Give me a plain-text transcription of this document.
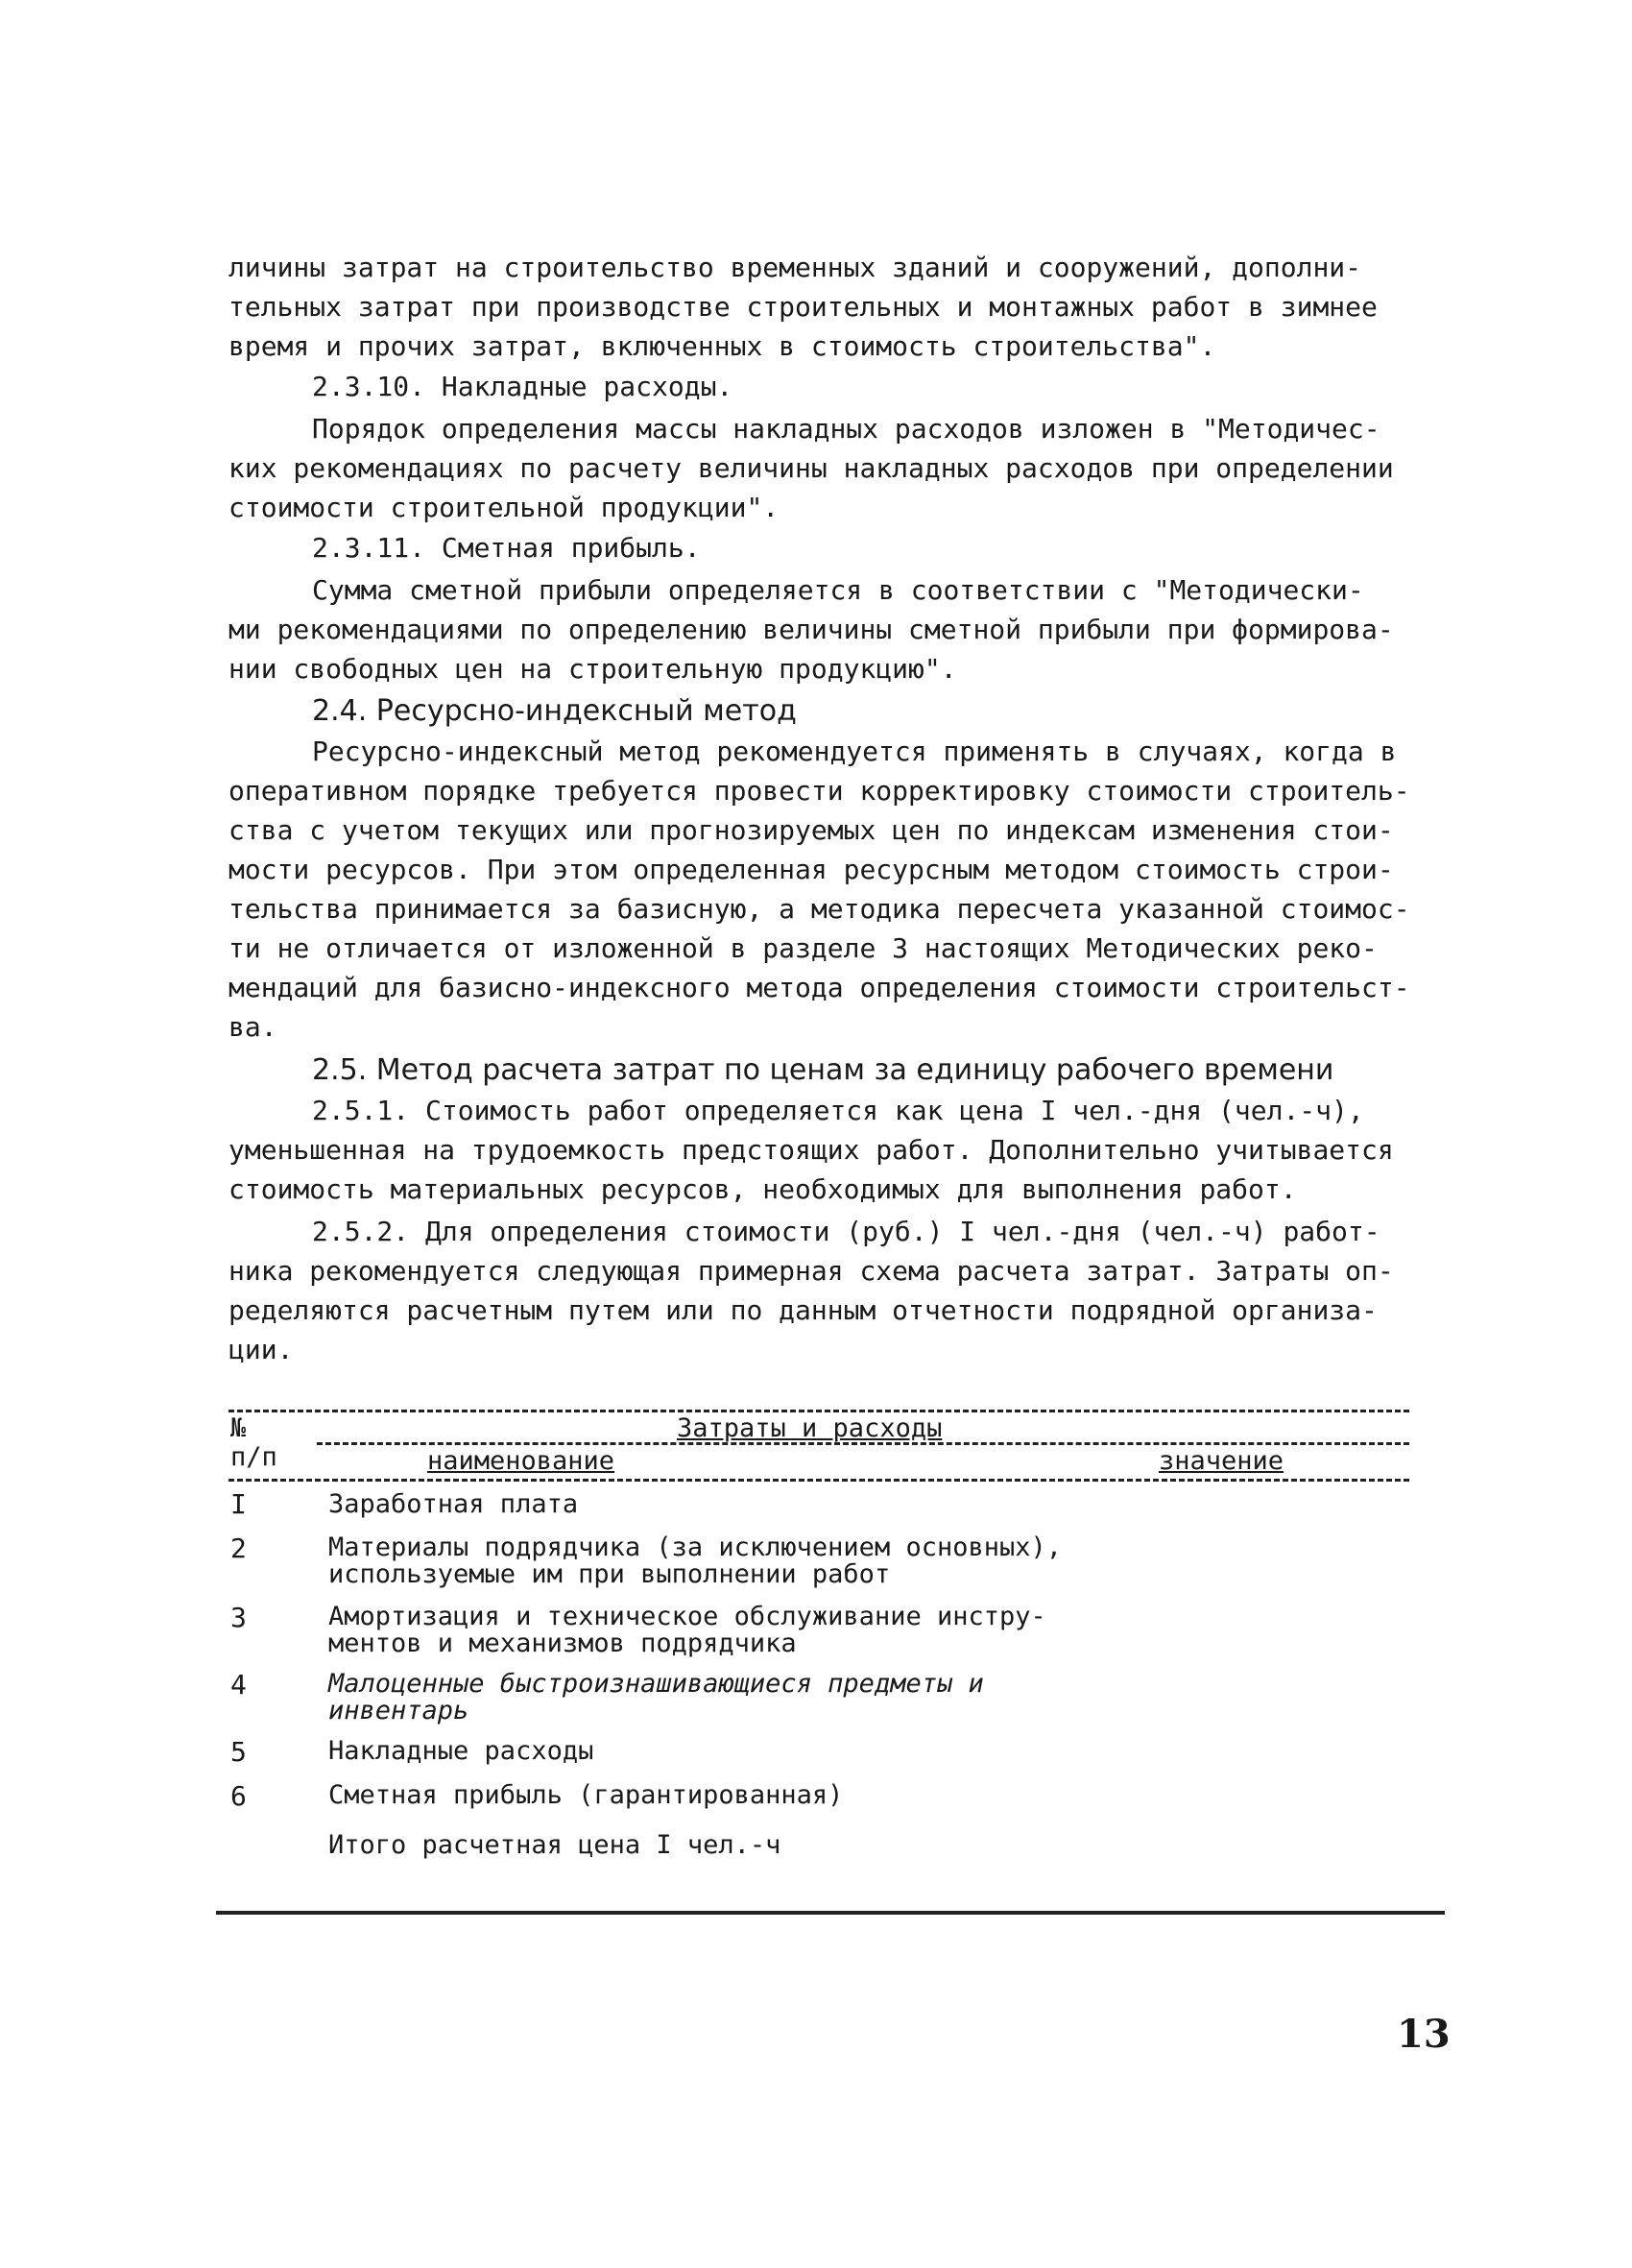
личины затрат на строительство временных зданий и сооружений, дополни-
тельных затрат при производстве строительных и монтажных работ в зимнее
время и прочих затрат, включенных в стоимость строительства".
2.3.10. Накладные расходы.
Порядок определения массы накладных расходов изложен в "Методичес-
ких рекомендациях по расчету величины накладных расходов при определении
стоимости строительной продукции".
2.3.11. Сметная прибыль.
Сумма сметной прибыли определяется в соответствии с "Методически-
ми рекомендациями по определению величины сметной прибыли при формирова-
нии свободных цен на строительную продукцию".
2.4. Ресурсно-индексный метод
Ресурсно-индексный метод рекомендуется применять в случаях, когда в
оперативном порядке требуется провести корректировку стоимости строитель-
ства с учетом текущих или прогнозируемых цен по индексам изменения стои-
мости ресурсов. При этом определенная ресурсным методом стоимость строи-
тельства принимается за базисную, а методика пересчета указанной стоимос-
ти не отличается от изложенной в разделе 3 настоящих Методических реко-
мендаций для базисно-индексного метода определения стоимости строительст-
ва.
2.5. Метод расчета затрат по ценам за единицу рабочего времени
2.5.1. Стоимость работ определяется как цена I чел.-дня (чел.-ч),
уменьшенная на трудоемкость предстоящих работ. Дополнительно учитывается
стоимость материальных ресурсов, необходимых для выполнения работ.
2.5.2. Для определения стоимости (руб.) I чел.-дня (чел.-ч) работ-
ника рекомендуется следующая примерная схема расчета затрат. Затраты оп-
ределяются расчетным путем или по данным отчетности подрядной организа-
ции.
№
п/п
Затраты и расходы
наименование	значение
I	Заработная плата
2	Материалы подрядчика (за исключением основных),
используемые им при выполнении работ
3	Амортизация и техническое обслуживание инстру-
ментов и механизмов подрядчика
4	Малоценные быстроизнашивающиеся предметы и
инвентарь
5	Накладные расходы
6	Сметная прибыль (гарантированная)
Итого расчетная цена I чел.-ч
13
